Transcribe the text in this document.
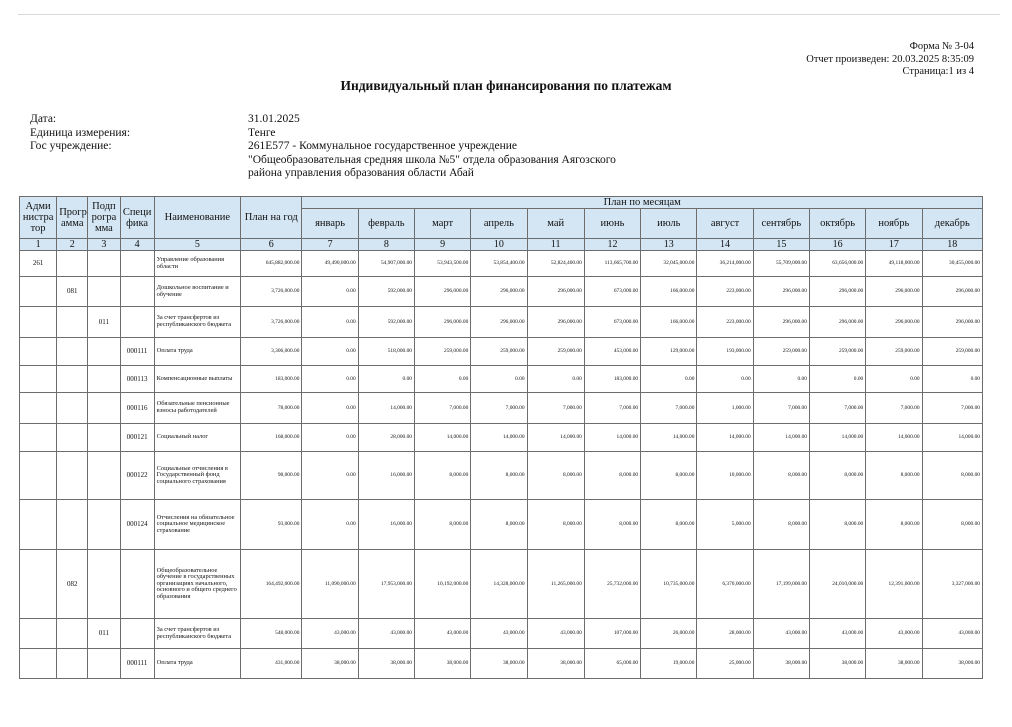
Форма № 3-04
Отчет произведен: 20.03.2025 8:35:09
Страница:1 из 4
Индивидуальный план финансирования по платежам
Дата:	31.01.2025
Единица измерения:	Тенге
Гос учреждение:	261E577 - Коммунальное государственное учреждение
"Общеобразовательная средняя школа №5" отдела образования Аягозского
района управления образования области Абай
Адми нистра тор	Прогр амма	Подп рогра мма	Специ фика	Наименование	План на год	План по месяцам											
						январь	февраль	март	апрель	май	июнь	июль	август	сентябрь	октябрь	ноябрь	декабрь
1	2	3	4	5	6	7	8	9	10	11	12	13	14	15	16	17	18
261				Управление образования области	645,882,000.00	49,490,000.00	54,907,000.00	53,943,500.00	53,854,400.00	52,824,400.00	113,665,700.00	32,045,000.00	36,214,000.00	55,709,000.00	63,656,000.00	49,118,000.00	30,455,000.00
	081			Дошкольное воспитание и обучение	3,726,000.00	0.00	592,000.00	296,000.00	296,000.00	296,000.00	673,000.00	166,000.00	223,000.00	296,000.00	296,000.00	296,000.00	296,000.00
		011		За счет трансфертов из республиканского бюджета	3,726,000.00	0.00	592,000.00	296,000.00	296,000.00	296,000.00	673,000.00	166,000.00	223,000.00	296,000.00	296,000.00	296,000.00	296,000.00
			000111	Оплата труда	3,306,000.00	0.00	518,000.00	259,000.00	259,000.00	259,000.00	453,000.00	129,000.00	193,000.00	259,000.00	259,000.00	259,000.00	259,000.00
			000113	Компенсационные выплаты	183,000.00	0.00	0.00	0.00	0.00	0.00	183,000.00	0.00	0.00	0.00	0.00	0.00	0.00
			000116	Обязательные пенсионные взносы работодателей	78,000.00	0.00	14,000.00	7,000.00	7,000.00	7,000.00	7,000.00	7,000.00	1,000.00	7,000.00	7,000.00	7,000.00	7,000.00
			000121	Социальный налог	168,000.00	0.00	28,000.00	14,000.00	14,000.00	14,000.00	14,000.00	14,000.00	14,000.00	14,000.00	14,000.00	14,000.00	14,000.00
			000122	Социальные отчисления в Государственный фонд социального страхования	98,000.00	0.00	16,000.00	8,000.00	8,000.00	8,000.00	8,000.00	8,000.00	10,000.00	8,000.00	8,000.00	8,000.00	8,000.00
			000124	Отчисления на обязательное социальное медицинское страхование	93,000.00	0.00	16,000.00	8,000.00	8,000.00	8,000.00	8,000.00	8,000.00	5,000.00	8,000.00	8,000.00	8,000.00	8,000.00
	082			Общеобразовательное обучение в государственных организациях начального, основного и общего среднего образования	164,492,000.00	11,090,000.00	17,953,000.00	10,192,000.00	14,328,000.00	11,265,000.00	25,732,000.00	10,735,000.00	6,370,000.00	17,199,000.00	24,010,000.00	12,391,000.00	3,327,000.00
		011		За счет трансфертов из республиканского бюджета	548,000.00	43,000.00	43,000.00	43,000.00	43,000.00	43,000.00	107,000.00	26,000.00	28,000.00	43,000.00	43,000.00	43,000.00	43,000.00
			000111	Оплата труда	431,000.00	38,000.00	38,000.00	38,000.00	38,000.00	38,000.00	65,000.00	19,000.00	25,000.00	38,000.00	38,000.00	38,000.00	38,000.00
